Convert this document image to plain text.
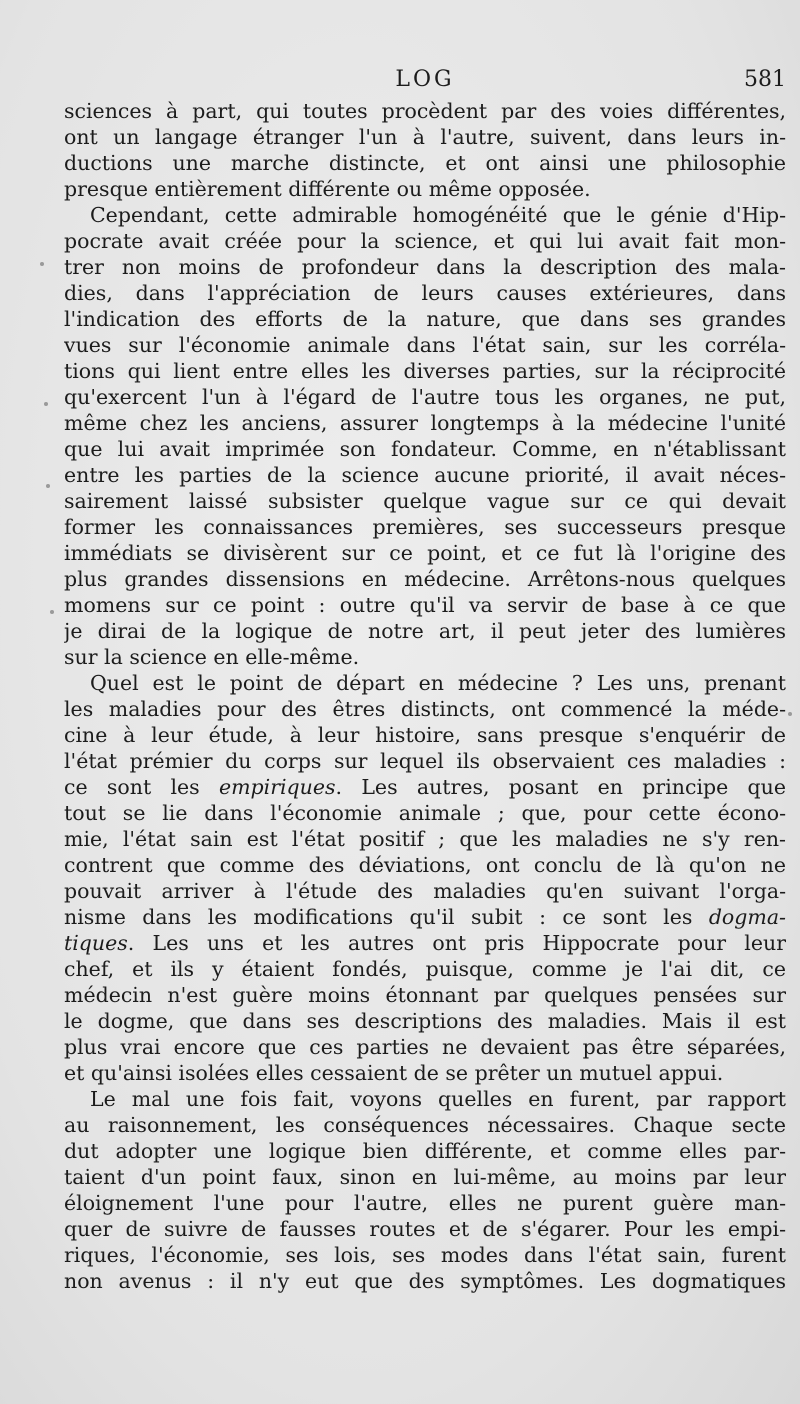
LOG	581
sciences à part, qui toutes procèdent par des voies différentes,
ont un langage étranger l'un à l'autre, suivent, dans leurs in-
ductions une marche distincte, et ont ainsi une philosophie
presque entièrement différente ou même opposée.
Cependant, cette admirable homogénéité que le génie d'Hip-
pocrate avait créée pour la science, et qui lui avait fait mon-
trer non moins de profondeur dans la description des mala-
dies, dans l'appréciation de leurs causes extérieures, dans
l'indication des efforts de la nature, que dans ses grandes
vues sur l'économie animale dans l'état sain, sur les corréla-
tions qui lient entre elles les diverses parties, sur la réciprocité
qu'exercent l'un à l'égard de l'autre tous les organes, ne put,
même chez les anciens, assurer longtemps à la médecine l'unité
que lui avait imprimée son fondateur. Comme, en n'établissant
entre les parties de la science aucune priorité, il avait néces-
sairement laissé subsister quelque vague sur ce qui devait
former les connaissances premières, ses successeurs presque
immédiats se divisèrent sur ce point, et ce fut là l'origine des
plus grandes dissensions en médecine. Arrêtons-nous quelques
momens sur ce point : outre qu'il va servir de base à ce que
je dirai de la logique de notre art, il peut jeter des lumières
sur la science en elle-même.
Quel est le point de départ en médecine ? Les uns, prenant
les maladies pour des êtres distincts, ont commencé la méde-
cine à leur étude, à leur histoire, sans presque s'enquérir de
l'état prémier du corps sur lequel ils observaient ces maladies :
ce sont les empiriques. Les autres, posant en principe que
tout se lie dans l'économie animale ; que, pour cette écono-
mie, l'état sain est l'état positif ; que les maladies ne s'y ren-
contrent que comme des déviations, ont conclu de là qu'on ne
pouvait arriver à l'étude des maladies qu'en suivant l'orga-
nisme dans les modifications qu'il subit : ce sont les dogma-
tiques. Les uns et les autres ont pris Hippocrate pour leur
chef, et ils y étaient fondés, puisque, comme je l'ai dit, ce
médecin n'est guère moins étonnant par quelques pensées sur
le dogme, que dans ses descriptions des maladies. Mais il est
plus vrai encore que ces parties ne devaient pas être séparées,
et qu'ainsi isolées elles cessaient de se prêter un mutuel appui.
Le mal une fois fait, voyons quelles en furent, par rapport
au raisonnement, les conséquences nécessaires. Chaque secte
dut adopter une logique bien différente, et comme elles par-
taient d'un point faux, sinon en lui-même, au moins par leur
éloignement l'une pour l'autre, elles ne purent guère man-
quer de suivre de fausses routes et de s'égarer. Pour les empi-
riques, l'économie, ses lois, ses modes dans l'état sain, furent
non avenus : il n'y eut que des symptômes. Les dogmatiques
